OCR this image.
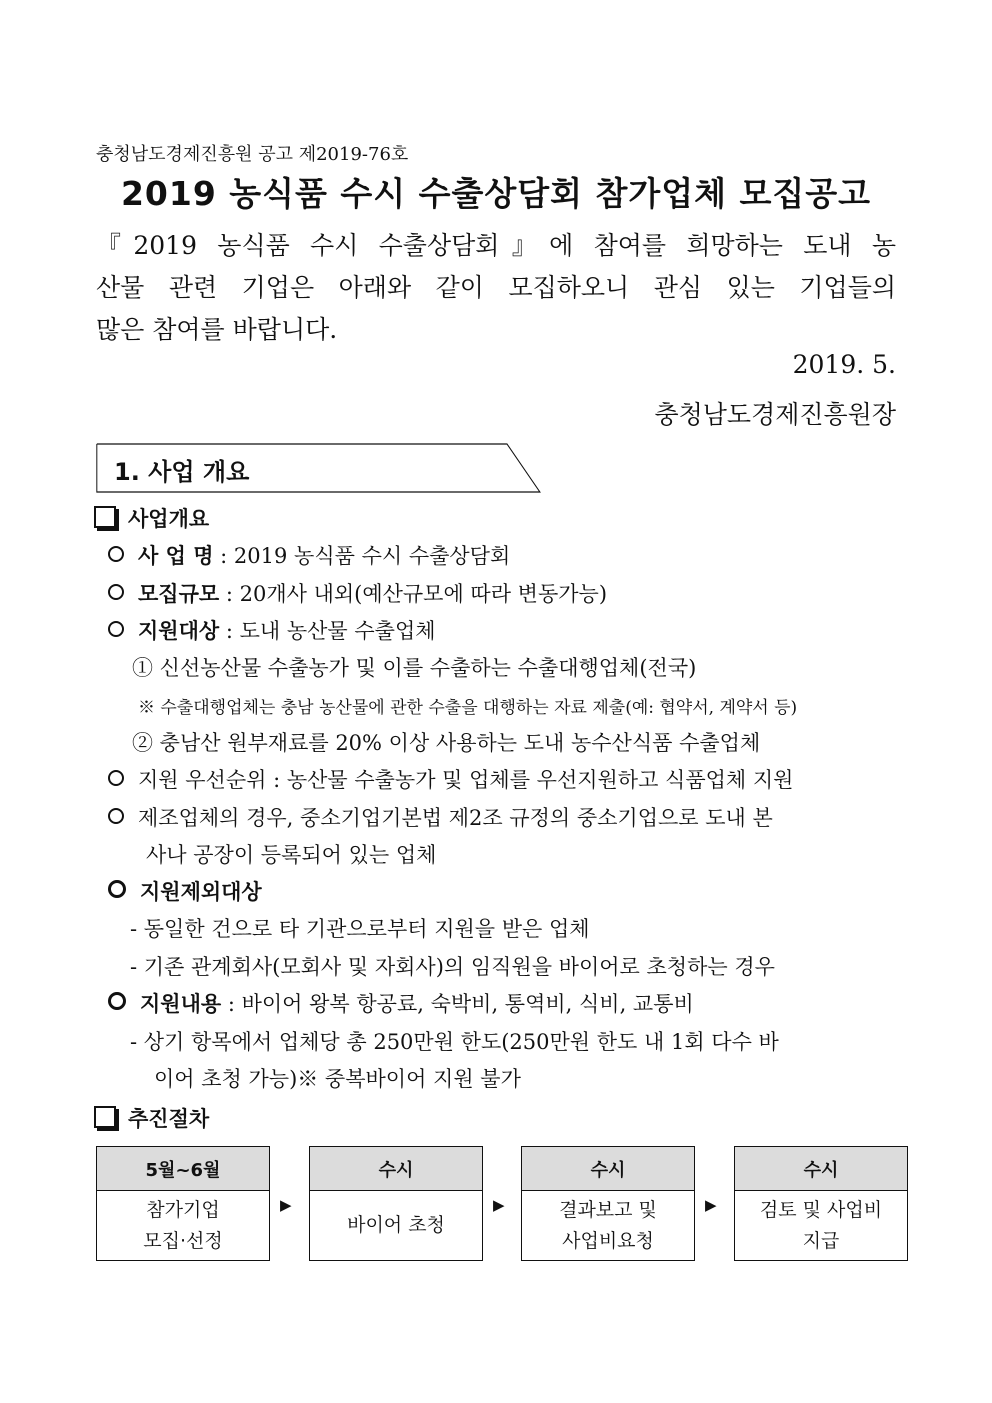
충청남도경제진흥원 공고 제2019-76호
2019 농식품 수시 수출상담회 참가업체 모집공고
『2019 농식품 수시 수출상담회』에 참여를 희망하는 도내 농
산물 관련 기업은 아래와 같이 모집하오니 관심 있는 기업들의
많은 참여를 바랍니다.
2019. 5.
충청남도경제진흥원장
1. 사업 개요
사업개요
사 업 명 : 2019 농식품 수시 수출상담회
모집규모 : 20개사 내외(예산규모에 따라 변동가능)
지원대상 : 도내 농산물 수출업체
① 신선농산물 수출농가 및 이를 수출하는 수출대행업체(전국)
※ 수출대행업체는 충남 농산물에 관한 수출을 대행하는 자료 제출(예: 협약서, 계약서 등)
② 충남산 원부재료를 20% 이상 사용하는 도내 농수산식품 수출업체
지원 우선순위 : 농산물 수출농가 및 업체를 우선지원하고 식품업체 지원
제조업체의 경우, 중소기업기본법 제2조 규정의 중소기업으로 도내 본
사나 공장이 등록되어 있는 업체
지원제외대상
- 동일한 건으로 타 기관으로부터 지원을 받은 업체
- 기존 관계회사(모회사 및 자회사)의 임직원을 바이어로 초청하는 경우
지원내용 : 바이어 왕복 항공료, 숙박비, 통역비, 식비, 교통비
- 상기 항목에서 업체당 총 250만원 한도(250만원 한도 내 1회 다수 바
이어 초청 가능)※ 중복바이어 지원 불가
추진절차
5월~6월
참가기업
모집·선정
▶
수시
바이어 초청
▶
수시
결과보고 및
사업비요청
▶
수시
검토 및 사업비
지급
